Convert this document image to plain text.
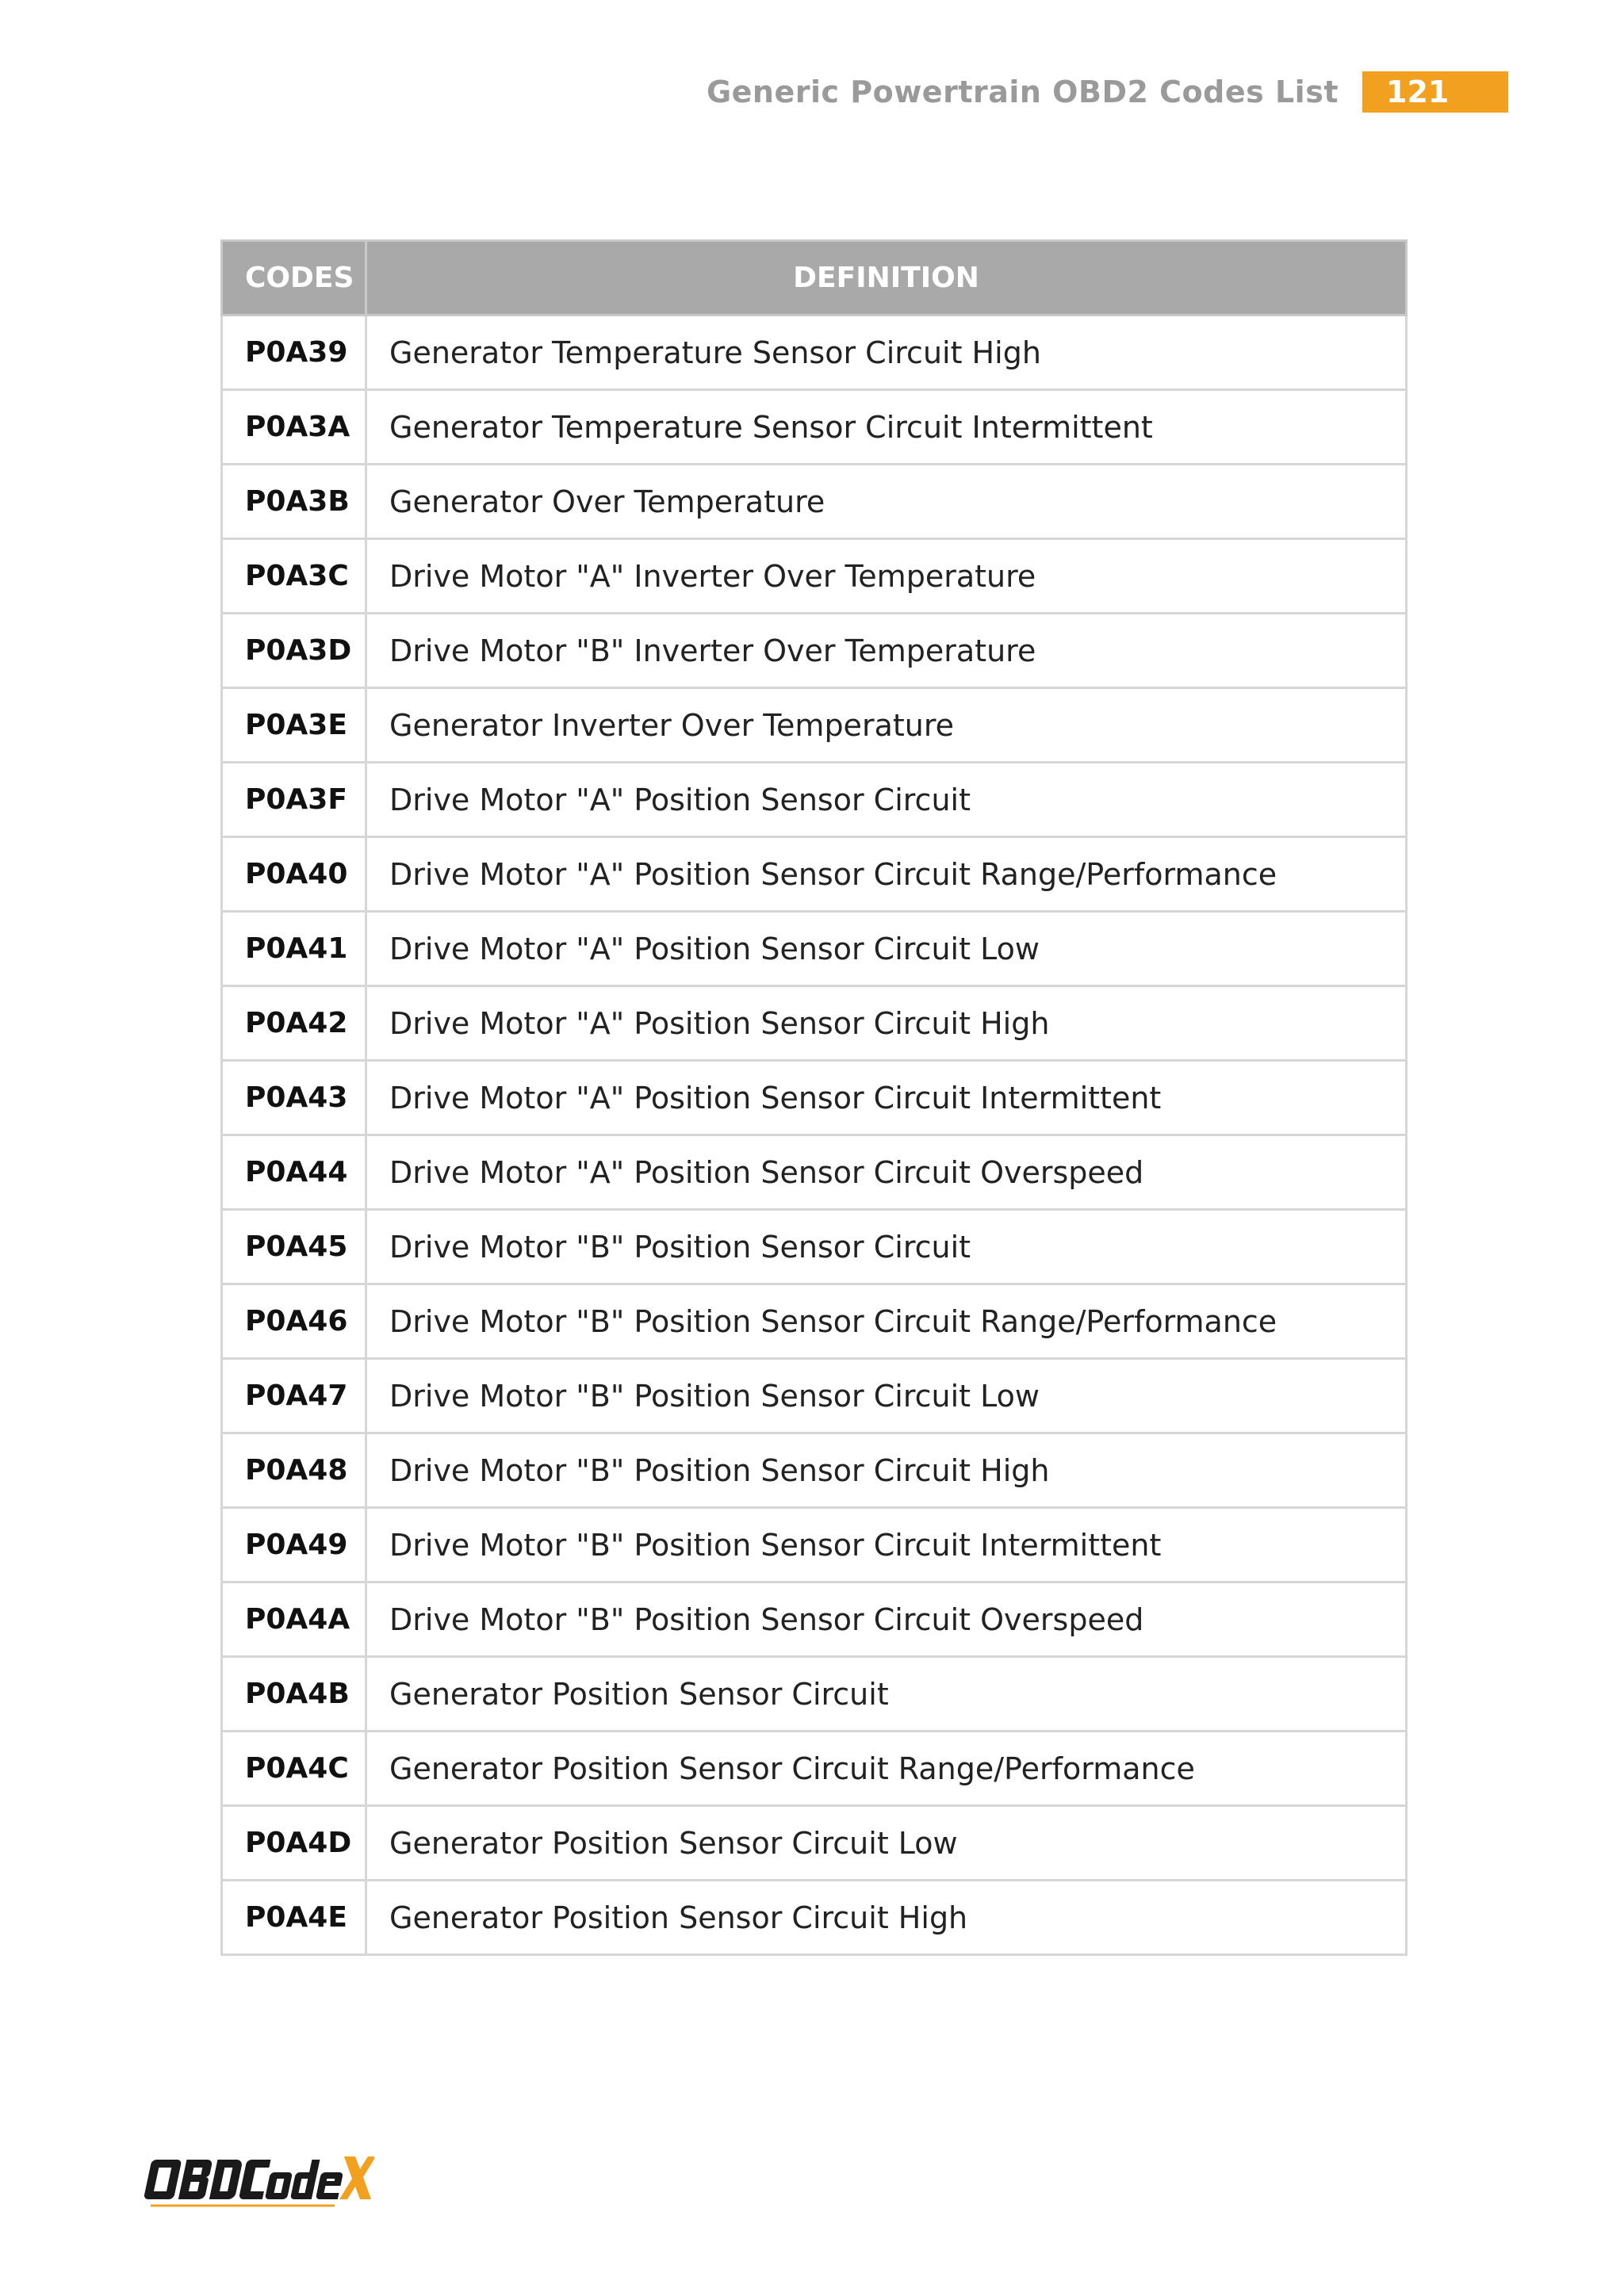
Generic Powertrain OBD2 Codes List	121
CODES	DEFINITION
P0A39	Generator Temperature Sensor Circuit High
P0A3A	Generator Temperature Sensor Circuit Intermittent
P0A3B	Generator Over Temperature
P0A3C	Drive Motor "A" Inverter Over Temperature
P0A3D	Drive Motor "B" Inverter Over Temperature
P0A3E	Generator Inverter Over Temperature
P0A3F	Drive Motor "A" Position Sensor Circuit
P0A40	Drive Motor "A" Position Sensor Circuit Range/Performance
P0A41	Drive Motor "A" Position Sensor Circuit Low
P0A42	Drive Motor "A" Position Sensor Circuit High
P0A43	Drive Motor "A" Position Sensor Circuit Intermittent
P0A44	Drive Motor "A" Position Sensor Circuit Overspeed
P0A45	Drive Motor "B" Position Sensor Circuit
P0A46	Drive Motor "B" Position Sensor Circuit Range/Performance
P0A47	Drive Motor "B" Position Sensor Circuit Low
P0A48	Drive Motor "B" Position Sensor Circuit High
P0A49	Drive Motor "B" Position Sensor Circuit Intermittent
P0A4A	Drive Motor "B" Position Sensor Circuit Overspeed
P0A4B	Generator Position Sensor Circuit
P0A4C	Generator Position Sensor Circuit Range/Performance
P0A4D	Generator Position Sensor Circuit Low
P0A4E	Generator Position Sensor Circuit High
